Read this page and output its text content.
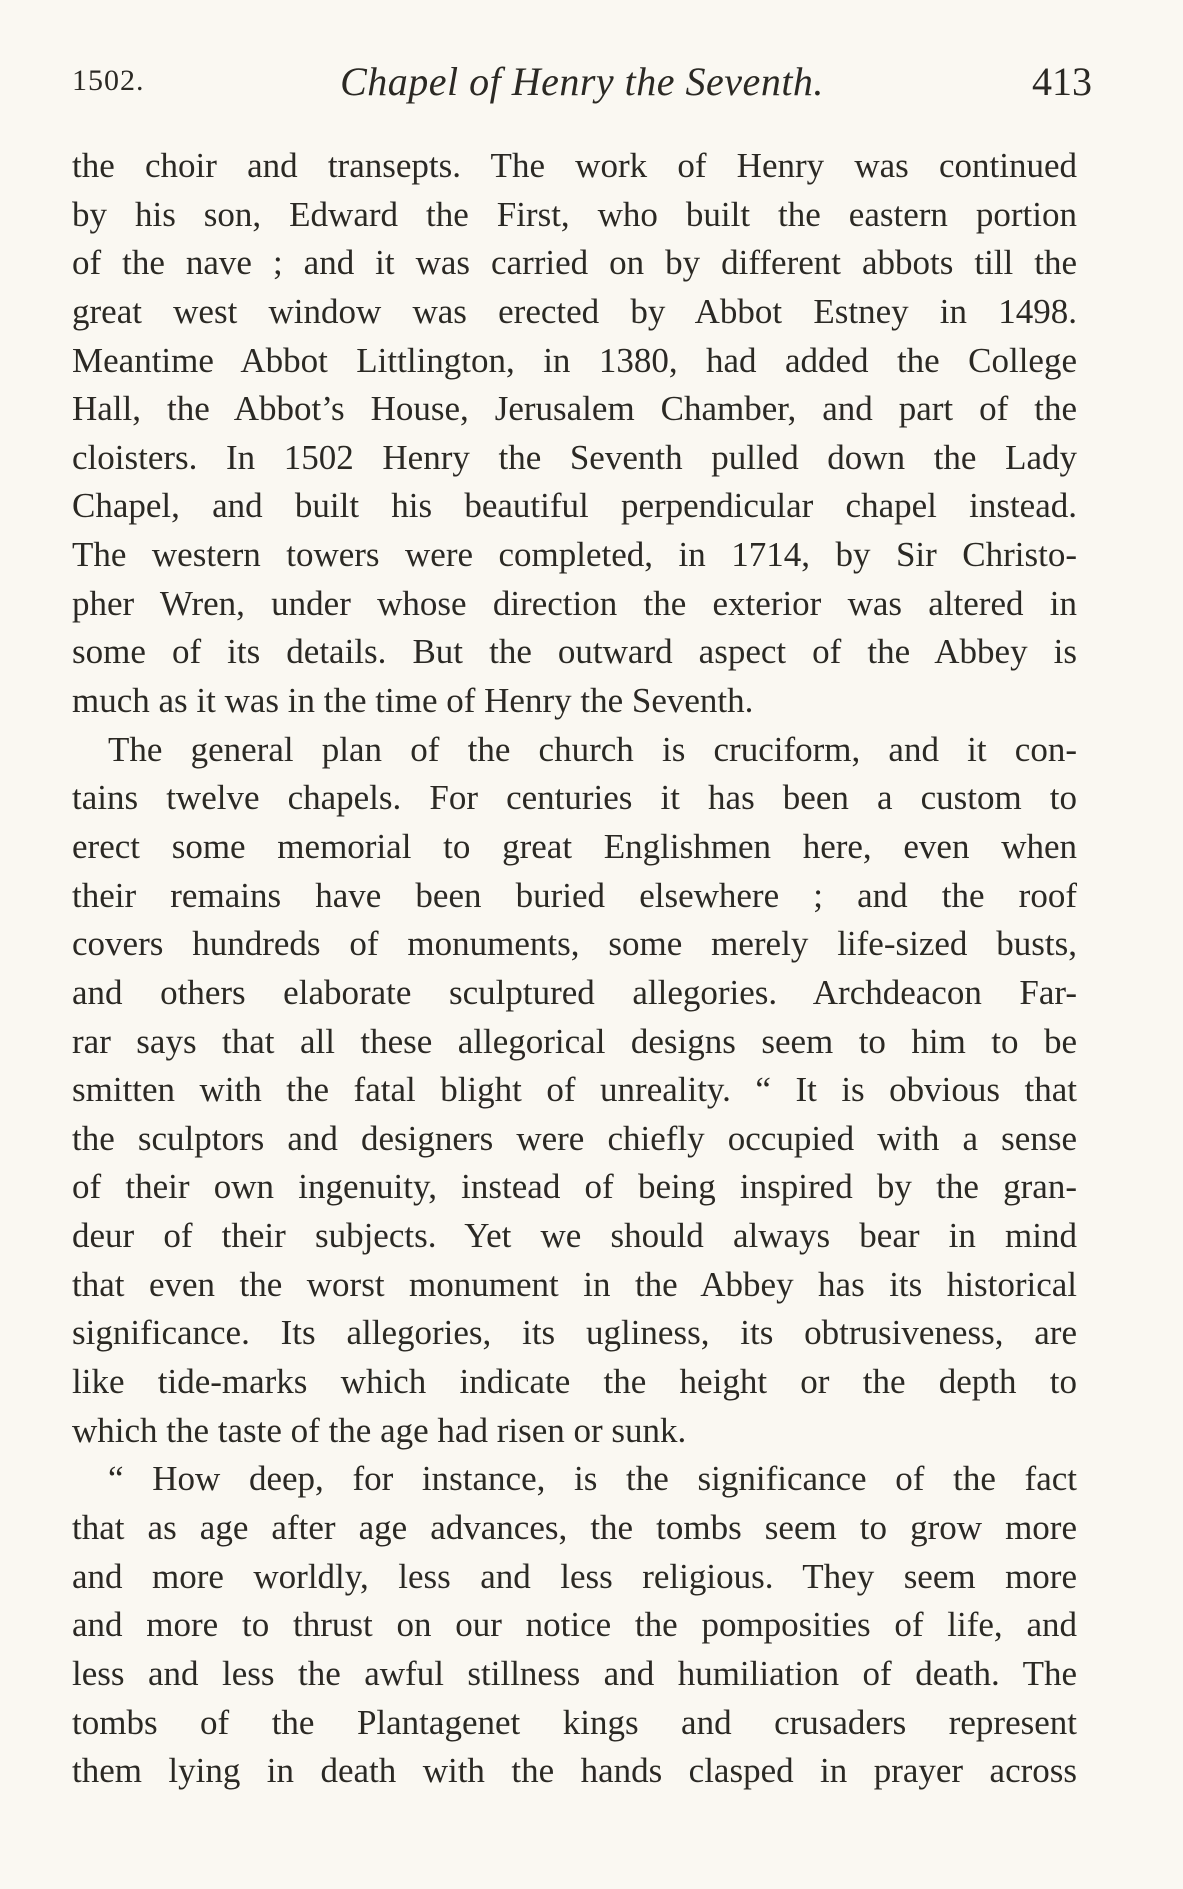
1502.	Chapel of Henry the Seventh.	413
the choir and transepts. The work of Henry was continued
by his son, Edward the First, who built the eastern portion
of the nave ; and it was carried on by different abbots till the
great west window was erected by Abbot Estney in 1498.
Meantime Abbot Littlington, in 1380, had added the College
Hall, the Abbot’s House, Jerusalem Chamber, and part of the
cloisters. In 1502 Henry the Seventh pulled down the Lady
Chapel, and built his beautiful perpendicular chapel instead.
The western towers were completed, in 1714, by Sir Christo-
pher Wren, under whose direction the exterior was altered in
some of its details. But the outward aspect of the Abbey is
much as it was in the time of Henry the Seventh.
The general plan of the church is cruciform, and it con-
tains twelve chapels. For centuries it has been a custom to
erect some memorial to great Englishmen here, even when
their remains have been buried elsewhere ; and the roof
covers hundreds of monuments, some merely life-sized busts,
and others elaborate sculptured allegories. Archdeacon Far-
rar says that all these allegorical designs seem to him to be
smitten with the fatal blight of unreality. “ It is obvious that
the sculptors and designers were chiefly occupied with a sense
of their own ingenuity, instead of being inspired by the gran-
deur of their subjects. Yet we should always bear in mind
that even the worst monument in the Abbey has its historical
significance. Its allegories, its ugliness, its obtrusiveness, are
like tide-marks which indicate the height or the depth to
which the taste of the age had risen or sunk.
“ How deep, for instance, is the significance of the fact
that as age after age advances, the tombs seem to grow more
and more worldly, less and less religious. They seem more
and more to thrust on our notice the pomposities of life, and
less and less the awful stillness and humiliation of death. The
tombs of the Plantagenet kings and crusaders represent
them lying in death with the hands clasped in prayer across
